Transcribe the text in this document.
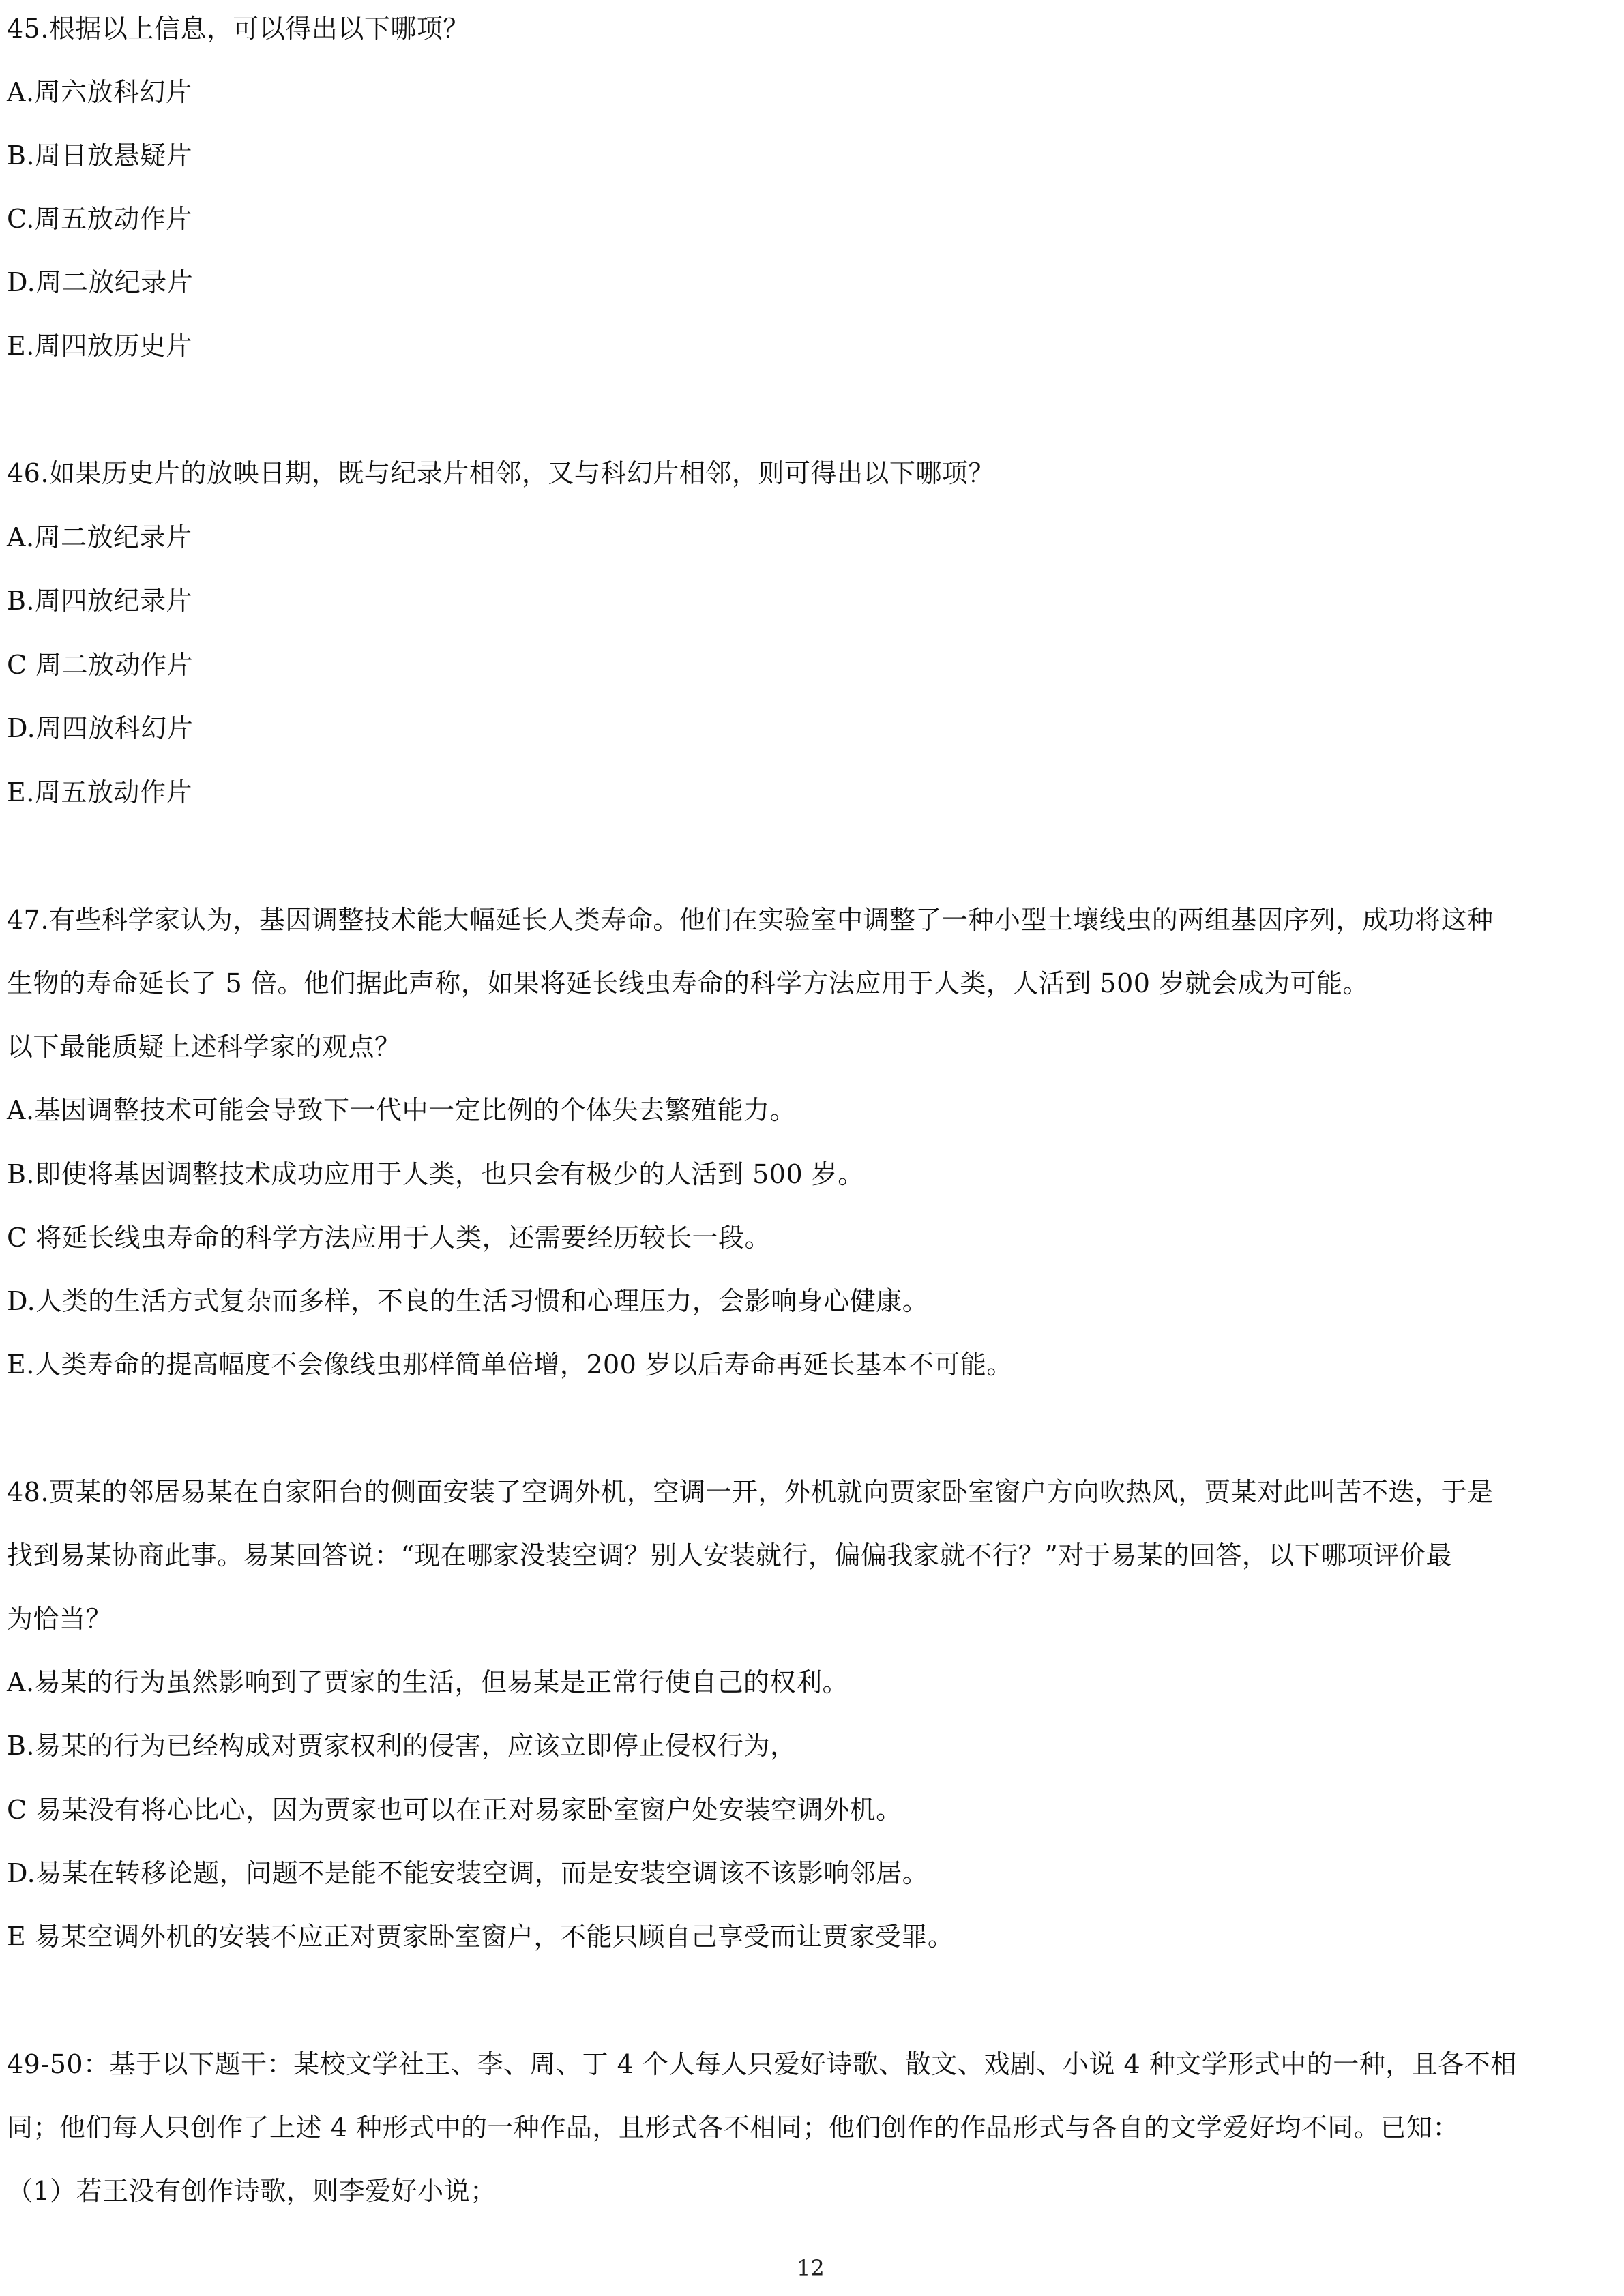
45.根据以上信息，可以得出以下哪项？
A.周六放科幻片
B.周日放悬疑片
C.周五放动作片
D.周二放纪录片
E.周四放历史片
46.如果历史片的放映日期，既与纪录片相邻，又与科幻片相邻，则可得出以下哪项？
A.周二放纪录片
B.周四放纪录片
C 周二放动作片
D.周四放科幻片
E.周五放动作片
47.有些科学家认为，基因调整技术能大幅延长人类寿命。他们在实验室中调整了一种小型土壤线虫的两组基因序列，成功将这种
生物的寿命延长了 5 倍。他们据此声称，如果将延长线虫寿命的科学方法应用于人类，人活到 500 岁就会成为可能。
以下最能质疑上述科学家的观点？
A.基因调整技术可能会导致下一代中一定比例的个体失去繁殖能力。
B.即使将基因调整技术成功应用于人类，也只会有极少的人活到 500 岁。
C 将延长线虫寿命的科学方法应用于人类，还需要经历较长一段。
D.人类的生活方式复杂而多样，不良的生活习惯和心理压力，会影响身心健康。
E.人类寿命的提高幅度不会像线虫那样简单倍增，200 岁以后寿命再延长基本不可能。
48.贾某的邻居易某在自家阳台的侧面安装了空调外机，空调一开，外机就向贾家卧室窗户方向吹热风，贾某对此叫苦不迭，于是
找到易某协商此事。易某回答说：“现在哪家没装空调？别人安装就行，偏偏我家就不行？”对于易某的回答，以下哪项评价最
为恰当？
A.易某的行为虽然影响到了贾家的生活，但易某是正常行使自己的权利。
B.易某的行为已经构成对贾家权利的侵害，应该立即停止侵权行为，
C 易某没有将心比心，因为贾家也可以在正对易家卧室窗户处安装空调外机。
D.易某在转移论题，问题不是能不能安装空调，而是安装空调该不该影响邻居。
E 易某空调外机的安装不应正对贾家卧室窗户，不能只顾自己享受而让贾家受罪。
49-50：基于以下题干：某校文学社王、李、周、丁 4 个人每人只爱好诗歌、散文、戏剧、小说 4 种文学形式中的一种，且各不相
同；他们每人只创作了上述 4 种形式中的一种作品，且形式各不相同；他们创作的作品形式与各自的文学爱好均不同。已知：
（1）若王没有创作诗歌，则李爱好小说；
12
